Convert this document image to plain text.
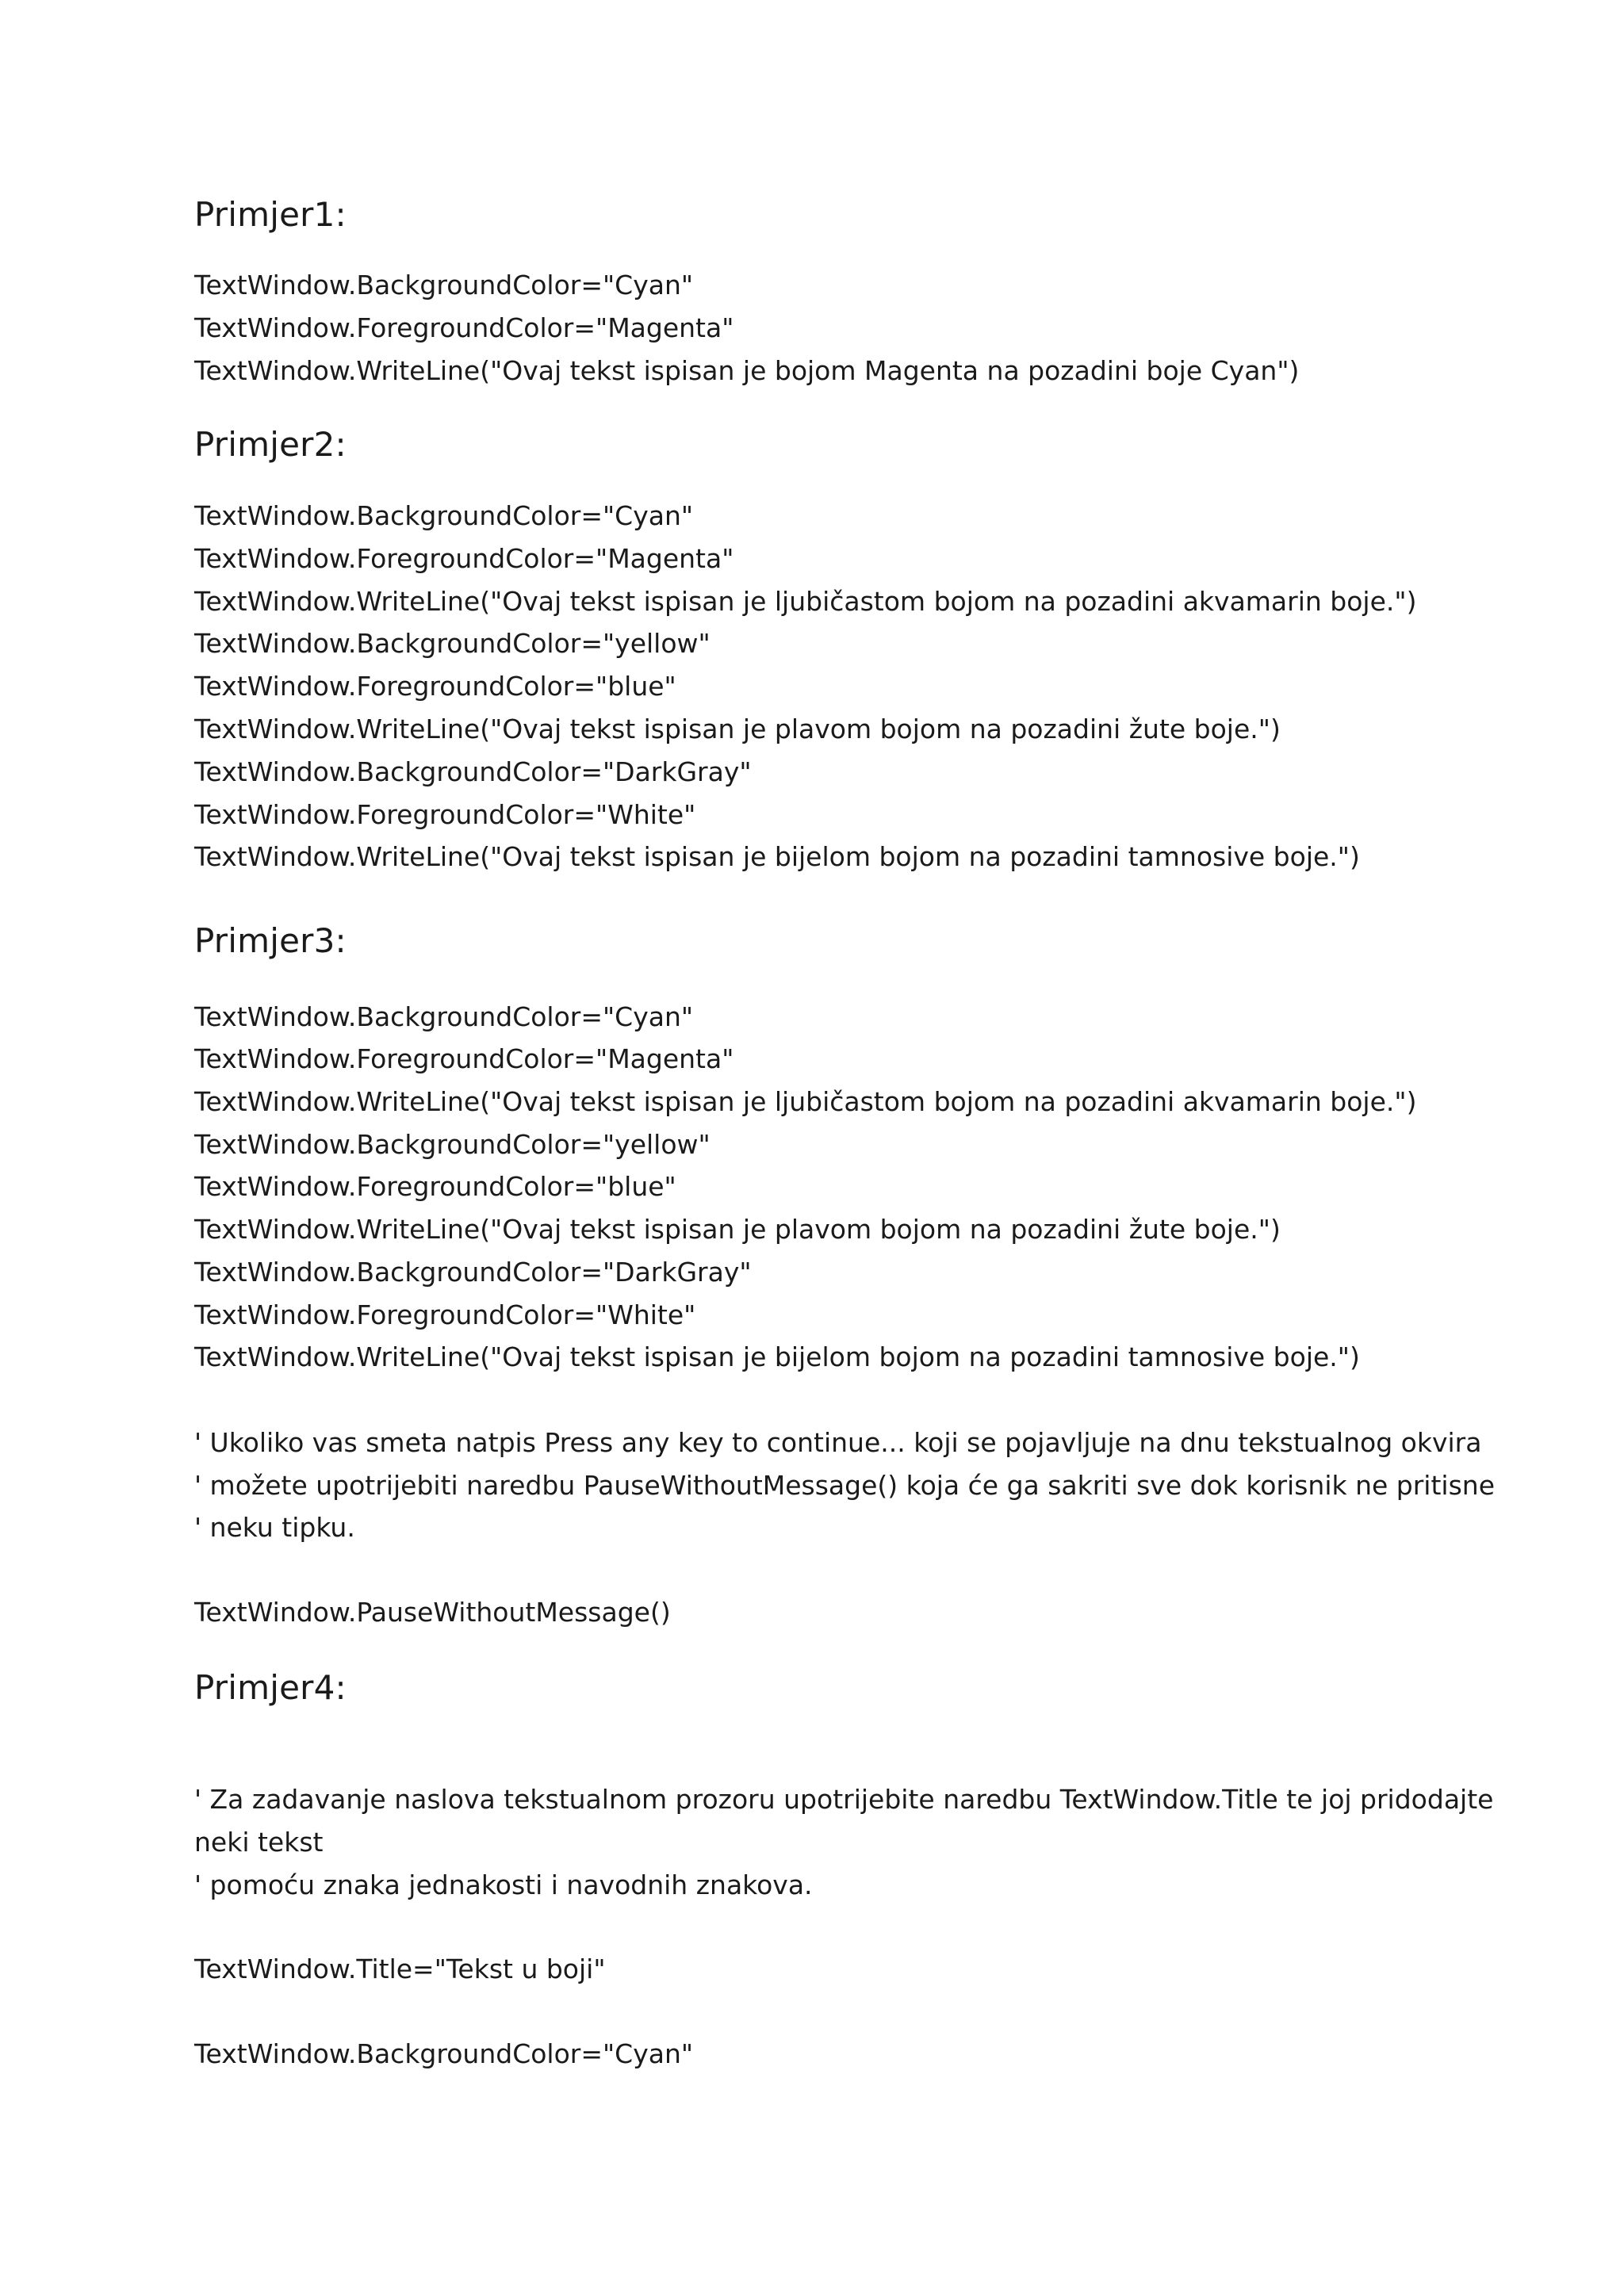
Primjer1:
TextWindow.BackgroundColor="Cyan"
TextWindow.ForegroundColor="Magenta"
TextWindow.WriteLine("Ovaj tekst ispisan je bojom Magenta na pozadini boje Cyan")
Primjer2:
TextWindow.BackgroundColor="Cyan"
TextWindow.ForegroundColor="Magenta"
TextWindow.WriteLine("Ovaj tekst ispisan je ljubičastom bojom na pozadini akvamarin boje.")
TextWindow.BackgroundColor="yellow"
TextWindow.ForegroundColor="blue"
TextWindow.WriteLine("Ovaj tekst ispisan je plavom bojom na pozadini žute boje.")
TextWindow.BackgroundColor="DarkGray"
TextWindow.ForegroundColor="White"
TextWindow.WriteLine("Ovaj tekst ispisan je bijelom bojom na pozadini tamnosive boje.")
Primjer3:
TextWindow.BackgroundColor="Cyan"
TextWindow.ForegroundColor="Magenta"
TextWindow.WriteLine("Ovaj tekst ispisan je ljubičastom bojom na pozadini akvamarin boje.")
TextWindow.BackgroundColor="yellow"
TextWindow.ForegroundColor="blue"
TextWindow.WriteLine("Ovaj tekst ispisan je plavom bojom na pozadini žute boje.")
TextWindow.BackgroundColor="DarkGray"
TextWindow.ForegroundColor="White"
TextWindow.WriteLine("Ovaj tekst ispisan je bijelom bojom na pozadini tamnosive boje.")
' Ukoliko vas smeta natpis Press any key to continue... koji se pojavljuje na dnu tekstualnog okvira
' možete upotrijebiti naredbu PauseWithoutMessage() koja će ga sakriti sve dok korisnik ne pritisne
' neku tipku.
TextWindow.PauseWithoutMessage()
Primjer4:
' Za zadavanje naslova tekstualnom prozoru upotrijebite naredbu TextWindow.Title te joj pridodajte
neki tekst
' pomoću znaka jednakosti i navodnih znakova.
TextWindow.Title="Tekst u boji"
TextWindow.BackgroundColor="Cyan"
